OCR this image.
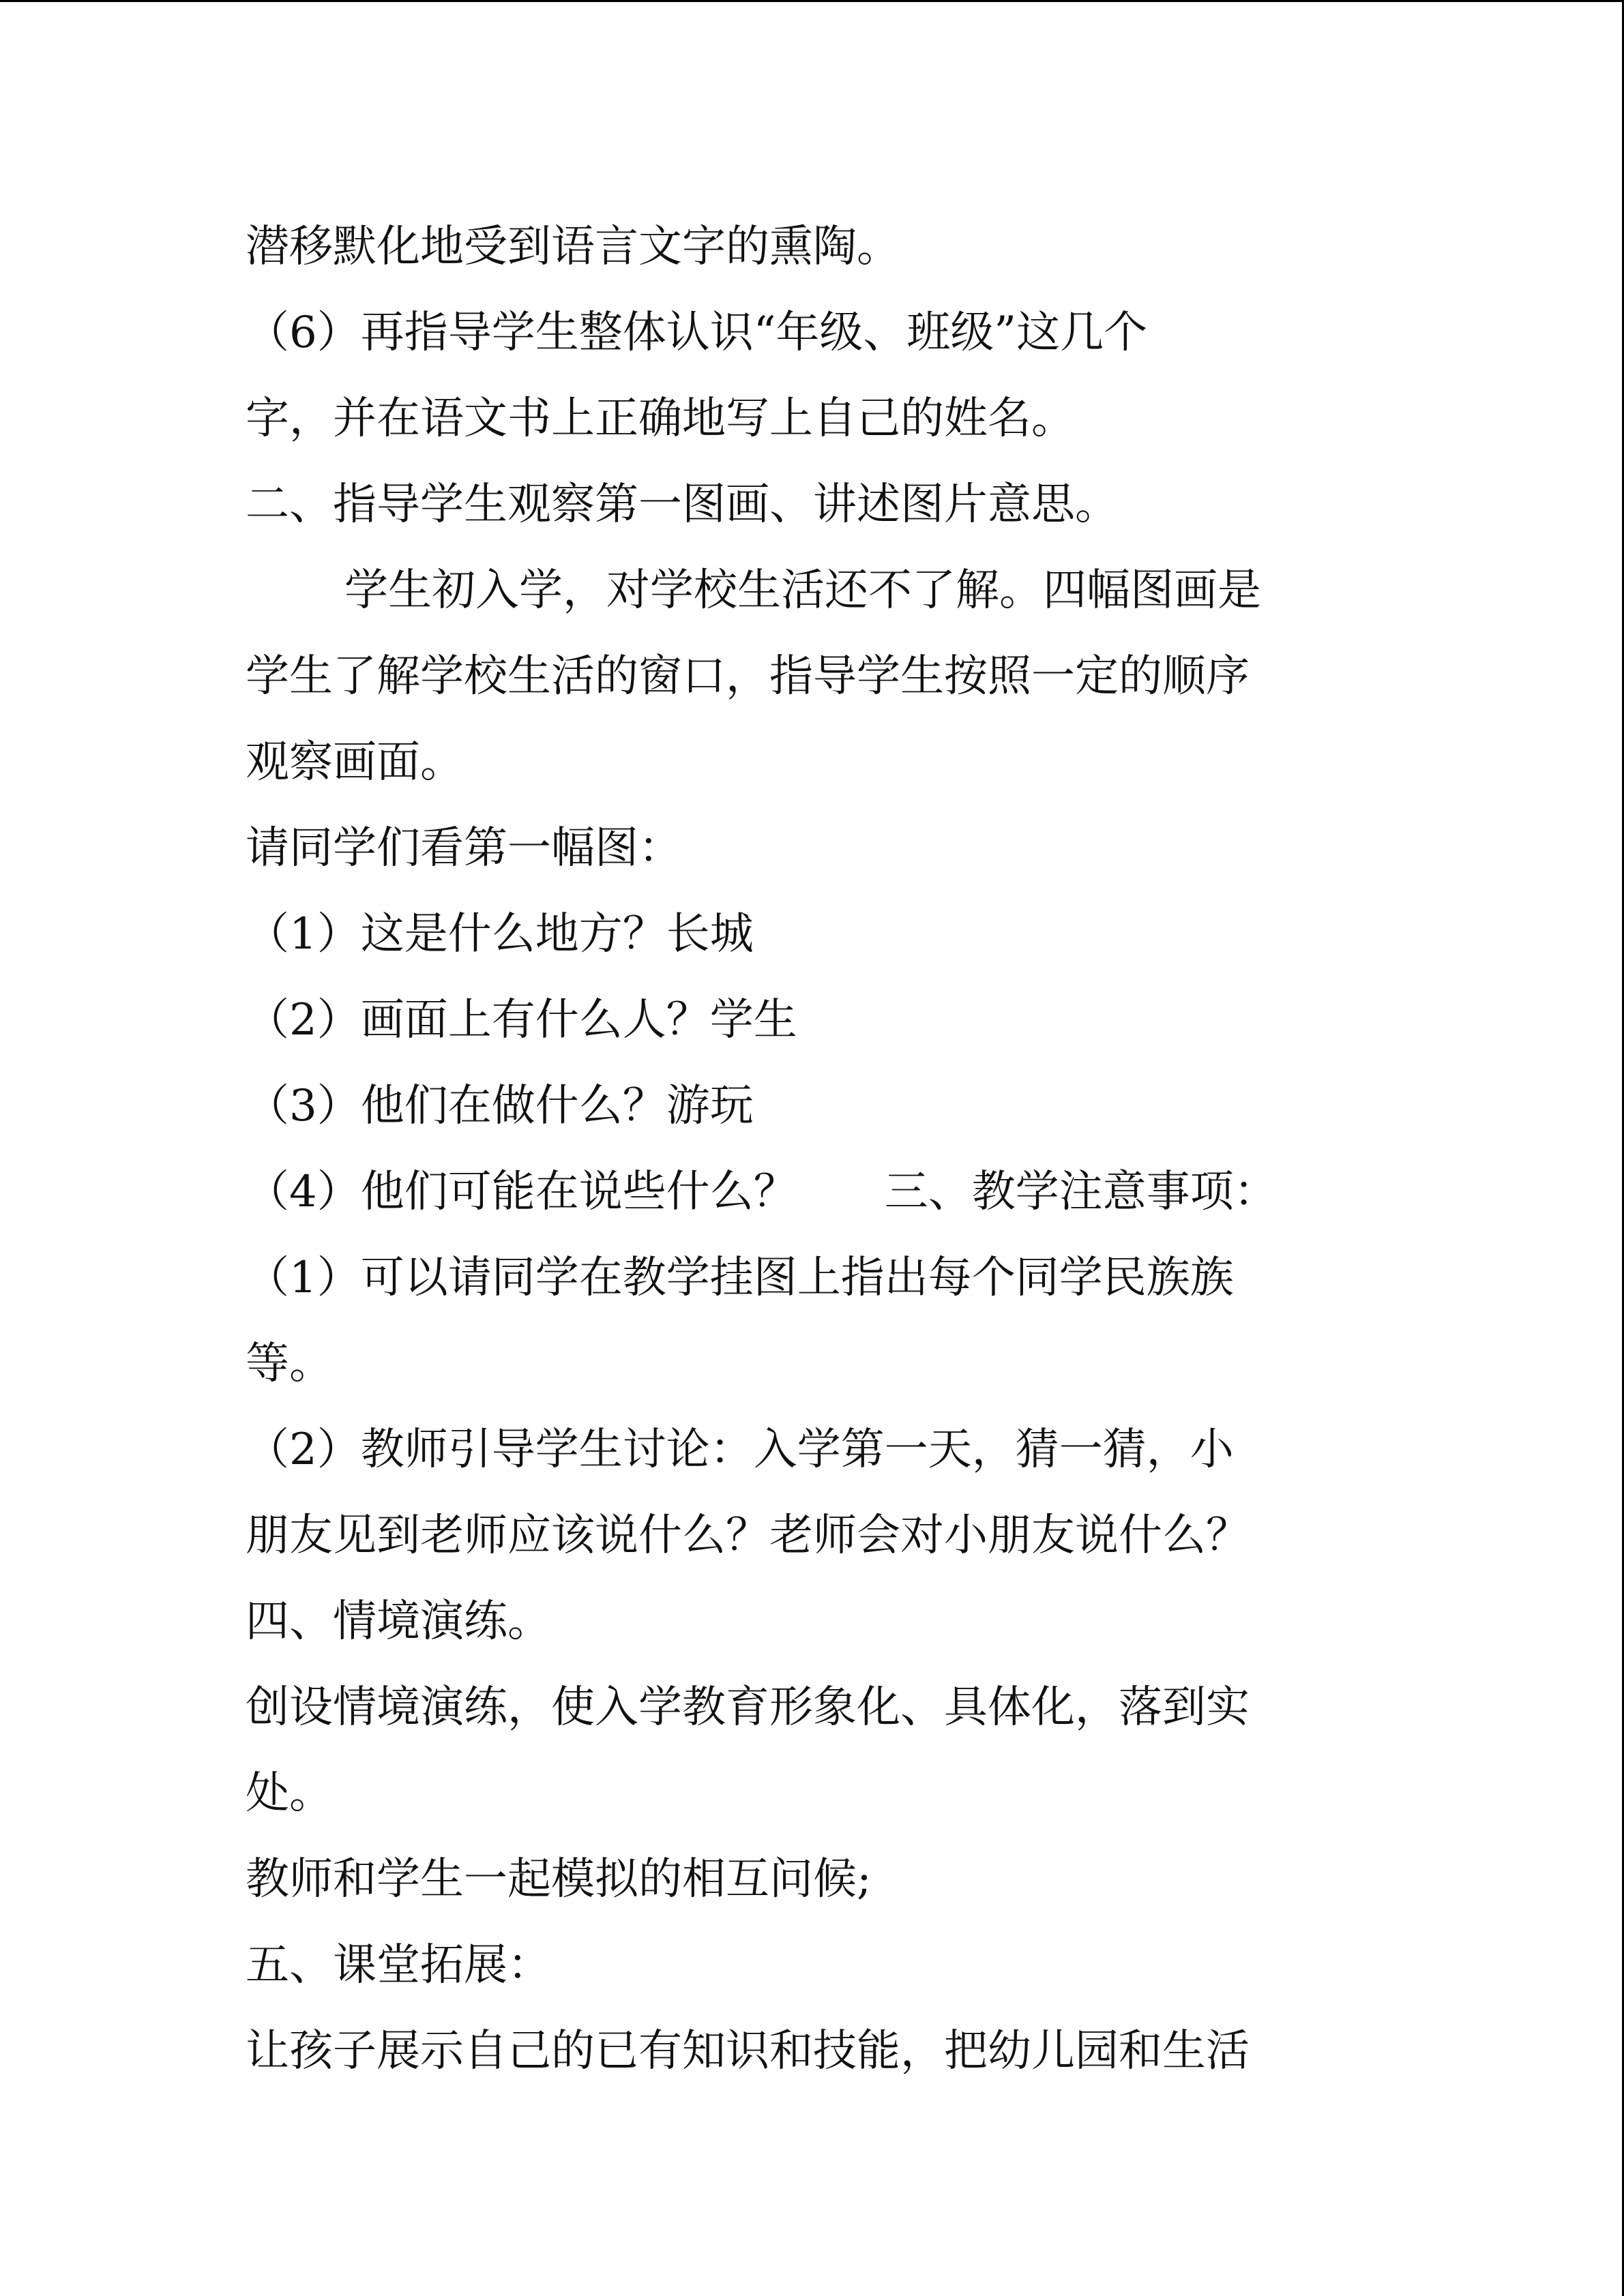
潜移默化地受到语言文字的熏陶。

（6）再指导学生整体认识“年级、班级”这几个

字，并在语文书上正确地写上自己的姓名。

二、指导学生观察第一图画、讲述图片意思。

学生初入学，对学校生活还不了解。四幅图画是

学生了解学校生活的窗口，指导学生按照一定的顺序

观察画面。

请同学们看第一幅图：

（1）这是什么地方？长城

（2）画面上有什么人？学生

（3）他们在做什么？游玩

（4）他们可能在说些什么？　　三、教学注意事项：

（1）可以请同学在教学挂图上指出每个同学民族族

等。

（2）教师引导学生讨论：入学第一天，猜一猜，小

朋友见到老师应该说什么？老师会对小朋友说什么？

四、情境演练。

创设情境演练，使入学教育形象化、具体化，落到实

处。

教师和学生一起模拟的相互问候;

五、课堂拓展：

让孩子展示自己的已有知识和技能，把幼儿园和生活
